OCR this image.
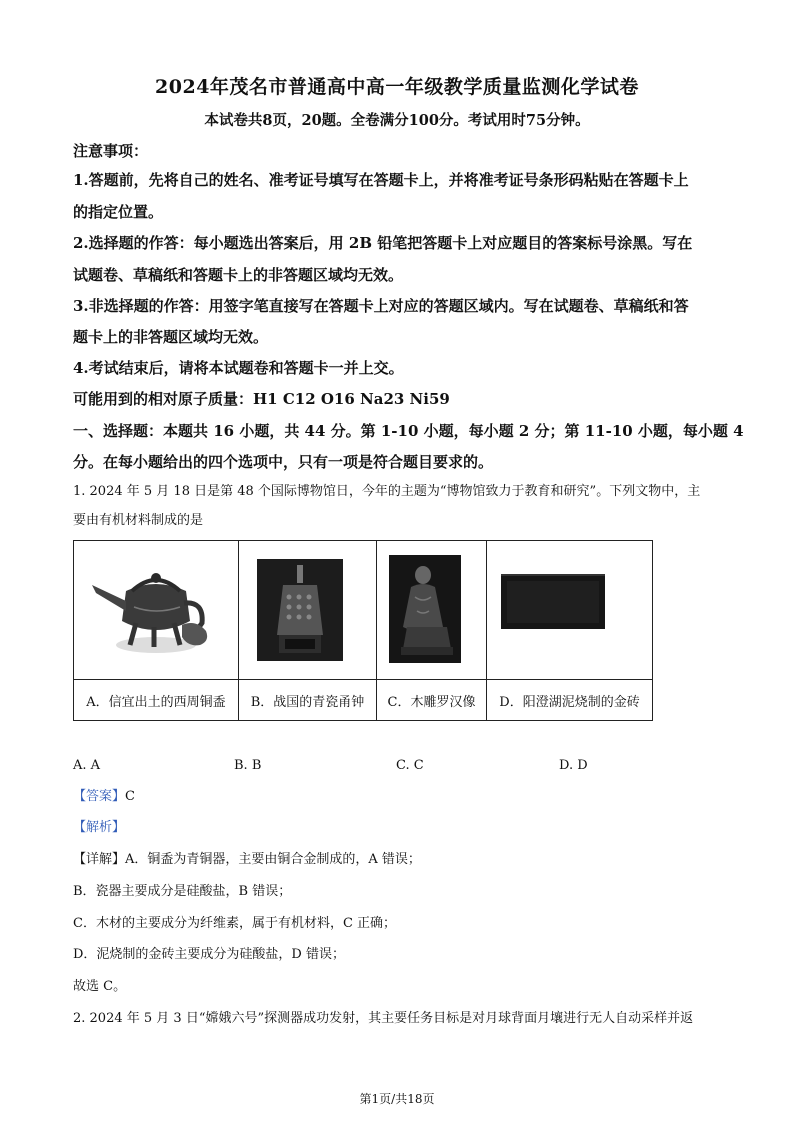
2024年茂名市普通高中高一年级教学质量监测化学试卷
本试卷共8页，20题。全卷满分100分。考试用时75分钟。
注意事项：
1.答题前，先将自己的姓名、准考证号填写在答题卡上，并将准考证号条形码粘贴在答题卡上
的指定位置。
2.选择题的作答：每小题选出答案后，用 2B 铅笔把答题卡上对应题目的答案标号涂黑。写在
试题卷、草稿纸和答题卡上的非答题区域均无效。
3.非选择题的作答：用签字笔直接写在答题卡上对应的答题区域内。写在试题卷、草稿纸和答
题卡上的非答题区域均无效。
4.考试结束后，请将本试题卷和答题卡一并上交。
可能用到的相对原子质量：H1 C12 O16 Na23 Ni59
一、选择题：本题共 16 小题，共 44 分。第 1-10 小题，每小题 2 分；第 11-10 小题，每小题 4
分。在每小题给出的四个选项中，只有一项是符合题目要求的。
1. 2024 年 5 月 18 日是第 48 个国际博物馆日，今年的主题为“博物馆致力于教育和研究”。下列文物中，主
要由有机材料制成的是

A．信宜出土的西周铜盉	B．战国的青瓷甬钟	C．木雕罗汉像	D．阳澄湖泥烧制的金砖
A. A	B. B	C. C	D. D
【答案】C
【解析】
【详解】A．铜盉为青铜器，主要由铜合金制成的，A 错误；
B．瓷器主要成分是硅酸盐，B 错误；
C．木材的主要成分为纤维素，属于有机材料，C 正确；
D．泥烧制的金砖主要成分为硅酸盐，D 错误；
故选 C。
2. 2024 年 5 月 3 日“嫦娥六号”探测器成功发射，其主要任务目标是对月球背面月壤进行无人自动采样并返
第1页/共18页
